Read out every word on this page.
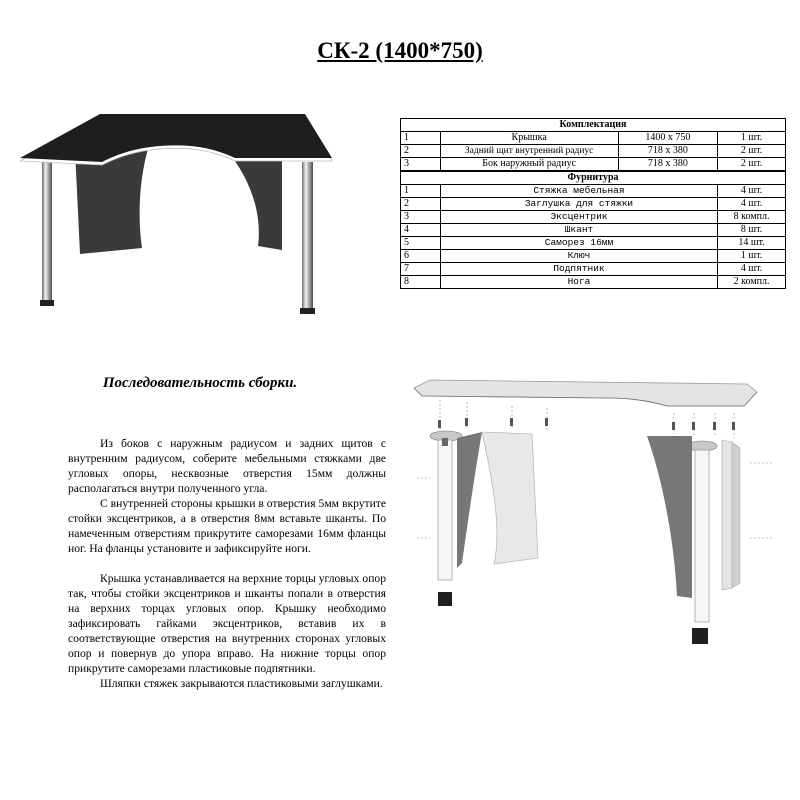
СК-2 (1400*750)
Комплектация			
1	Крышка	1400 х 750	1 шт.
2	Задний щит внутренний радиус	718 х 380	2 шт.
3	Бок наружный радиус	718 х 380	2 шт.
Фурнитура			
1	Стяжка мебельная		4 шт.
2	Заглушка для стяжки		4 шт.
3	Эксцентрик		8 компл.
4	Шкант		8 шт.
5	Саморез 16мм		14 шт.
6	Ключ		1 шт.
7	Подпятник		4 шт.
8	Нога		2 компл.
Последовательность сборки.

Из боков с наружным радиусом и задних щитов с внутренним радиусом, соберите мебельными стяжками две угловых опоры, несквозные отверстия 15мм должны располагаться внутри полученного угла.

С внутренней стороны крышки в отверстия 5мм вкрутите стойки эксцентриков, а в отверстия 8мм вставьте шканты. По намеченным отверстиям прикрутите саморезами 16мм фланцы ног. На фланцы установите и зафиксируйте ноги.

Крышка устанавливается на верхние торцы угловых опор так, чтобы стойки эксцентриков и шканты попали в отверстия на верхних торцах угловых опор. Крышку необходимо зафиксировать гайками эксцентриков, вставив их в соответствующие отверстия на внутренних сторонах угловых опор и повернув до упора вправо. На нижние торцы опор прикрутите саморезами пластиковые подпятники.

Шляпки стяжек закрываются пластиковыми заглушками.
